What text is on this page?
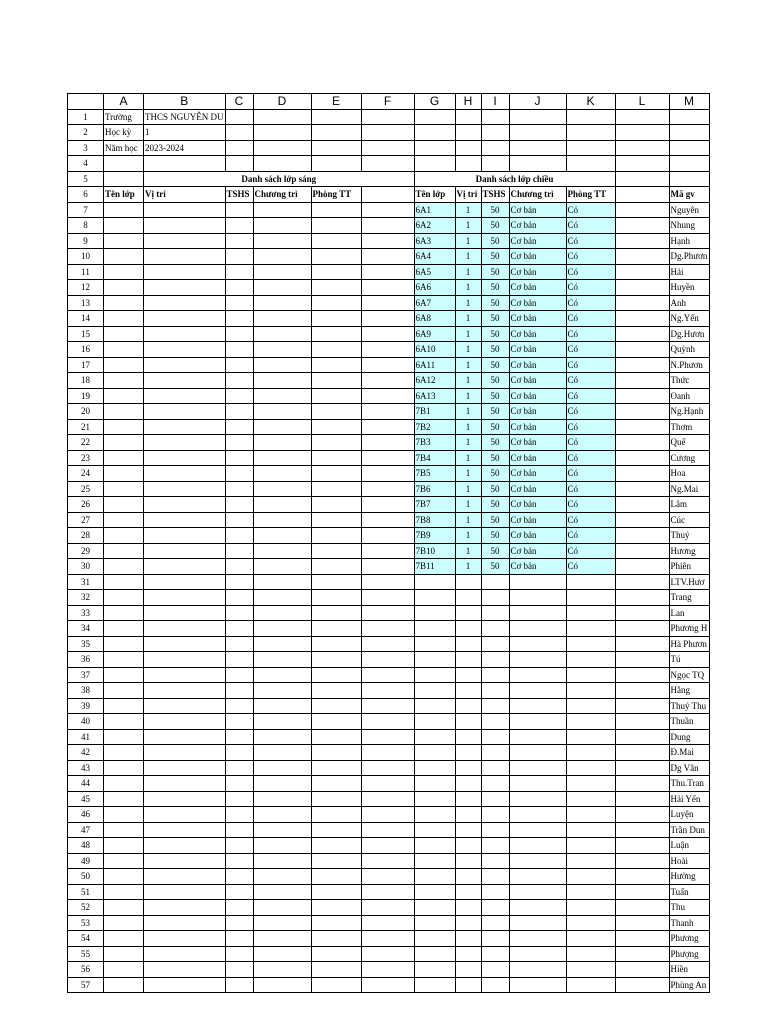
	A	B	C	D	E	F	G	H	I	J	K	L	M
1	Trường	THCS NGUYỄN DU											
2	Học kỳ	1											
3	Năm học	2023-2024											
4													
5		Danh sách lớp sáng					Danh sách lớp chiều						
6	Tên lớp	Vị trí	TSHS	Chương trì	Phòng TT		Tên lớp	Vị trí	TSHS	Chương trì	Phòng TT		Mã gv
7							6A1	1	50	Cơ bản	Có		Nguyên
8							6A2	1	50	Cơ bản	Có		Nhung
9							6A3	1	50	Cơ bản	Có		Hạnh
10							6A4	1	50	Cơ bản	Có		Dg.Phươn
11							6A5	1	50	Cơ bản	Có		Hải
12							6A6	1	50	Cơ bản	Có		Huyền
13							6A7	1	50	Cơ bản	Có		Anh
14							6A8	1	50	Cơ bản	Có		Ng.Yến
15							6A9	1	50	Cơ bản	Có		Dg.Hươn
16							6A10	1	50	Cơ bản	Có		Quỳnh
17							6A11	1	50	Cơ bản	Có		N.Phươn
18							6A12	1	50	Cơ bản	Có		Thức
19							6A13	1	50	Cơ bản	Có		Oanh
20							7B1	1	50	Cơ bản	Có		Ng.Hạnh
21							7B2	1	50	Cơ bản	Có		Thơm
22							7B3	1	50	Cơ bản	Có		Quế
23							7B4	1	50	Cơ bản	Có		Cương
24							7B5	1	50	Cơ bản	Có		Hoa
25							7B6	1	50	Cơ bản	Có		Ng.Mai
26							7B7	1	50	Cơ bản	Có		Lâm
27							7B8	1	50	Cơ bản	Có		Cúc
28							7B9	1	50	Cơ bản	Có		Thuý
29							7B10	1	50	Cơ bản	Có		Hương
30							7B11	1	50	Cơ bản	Có		Phiên
31													LTV.Hươ
32													Trang
33													Lan
34													Phương H
35													Hà Phươn
36													Tú
37													Ngọc TQ
38													Hằng
39													Thuý Thu
40													Thuần
41													Dung
42													Đ.Mai
43													Dg Vân
44													Thu.Tran
45													Hải Yến
46													Luyện
47													Trần Dun
48													Luận
49													Hoài
50													Hường
51													Tuấn
52													Thu
53													Thanh
54													Phương
55													Phượng
56													Hiền
57													Phùng An
